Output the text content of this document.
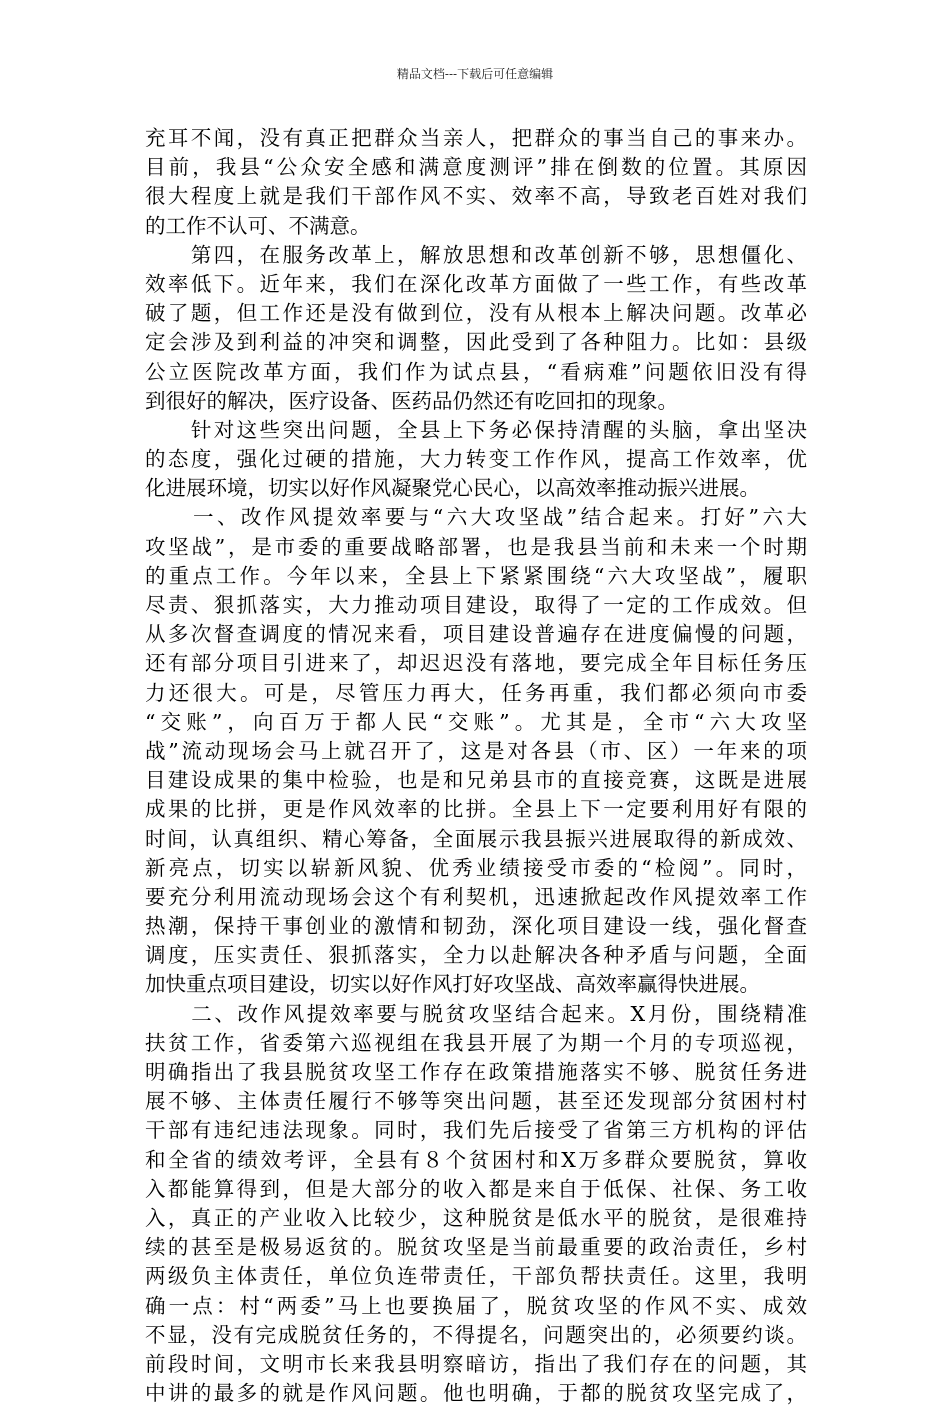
精品文档---下载后可任意编辑
充耳不闻，没有真正把群众当亲人，把群众的事当自己的事来办。
目前，我县“公众安全感和满意度测评”排在倒数的位置。其原因
很大程度上就是我们干部作风不实、效率不高，导致老百姓对我们
的工作不认可、不满意。
　　第四，在服务改革上，解放思想和改革创新不够，思想僵化、
效率低下。近年来，我们在深化改革方面做了一些工作，有些改革
破了题，但工作还是没有做到位，没有从根本上解决问题。改革必
定会涉及到利益的冲突和调整，因此受到了各种阻力。比如：县级
公立医院改革方面，我们作为试点县，“看病难”问题依旧没有得
到很好的解决，医疗设备、医药品仍然还有吃回扣的现象。
　　针对这些突出问题，全县上下务必保持清醒的头脑，拿出坚决
的态度，强化过硬的措施，大力转变工作作风，提高工作效率，优
化进展环境，切实以好作风凝聚党心民心，以高效率推动振兴进展。
　　一、改作风提效率要与“六大攻坚战”结合起来。打好”六大
攻坚战”，是市委的重要战略部署，也是我县当前和未来一个时期
的重点工作。今年以来，全县上下紧紧围绕“六大攻坚战”，履职
尽责、狠抓落实，大力推动项目建设，取得了一定的工作成效。但
从多次督查调度的情况来看，项目建设普遍存在进度偏慢的问题，
还有部分项目引进来了，却迟迟没有落地，要完成全年目标任务压
力还很大。可是，尽管压力再大，任务再重，我们都必须向市委
“交账”，向百万于都人民“交账”。尤其是，全市“六大攻坚
战”流动现场会马上就召开了，这是对各县（市、区）一年来的项
目建设成果的集中检验，也是和兄弟县市的直接竞赛，这既是进展
成果的比拼，更是作风效率的比拼。全县上下一定要利用好有限的
时间，认真组织、精心筹备，全面展示我县振兴进展取得的新成效、
新亮点，切实以崭新风貌、优秀业绩接受市委的“检阅”。同时，
要充分利用流动现场会这个有利契机，迅速掀起改作风提效率工作
热潮，保持干事创业的激情和韧劲，深化项目建设一线，强化督查
调度，压实责任、狠抓落实，全力以赴解决各种矛盾与问题，全面
加快重点项目建设，切实以好作风打好攻坚战、高效率赢得快进展。
　　二、改作风提效率要与脱贫攻坚结合起来。X月份，围绕精准
扶贫工作，省委第六巡视组在我县开展了为期一个月的专项巡视，
明确指出了我县脱贫攻坚工作存在政策措施落实不够、脱贫任务进
展不够、主体责任履行不够等突出问题，甚至还发现部分贫困村村
干部有违纪违法现象。同时，我们先后接受了省第三方机构的评估
和全省的绩效考评，全县有８个贫困村和X万多群众要脱贫，算收
入都能算得到，但是大部分的收入都是来自于低保、社保、务工收
入，真正的产业收入比较少，这种脱贫是低水平的脱贫，是很难持
续的甚至是极易返贫的。脱贫攻坚是当前最重要的政治责任，乡村
两级负主体责任，单位负连带责任，干部负帮扶责任。这里，我明
确一点：村“两委”马上也要换届了，脱贫攻坚的作风不实、成效
不显，没有完成脱贫任务的，不得提名，问题突出的，必须要约谈。
前段时间，文明市长来我县明察暗访，指出了我们存在的问题，其
中讲的最多的就是作风问题。他也明确，于都的脱贫攻坚完成了，
